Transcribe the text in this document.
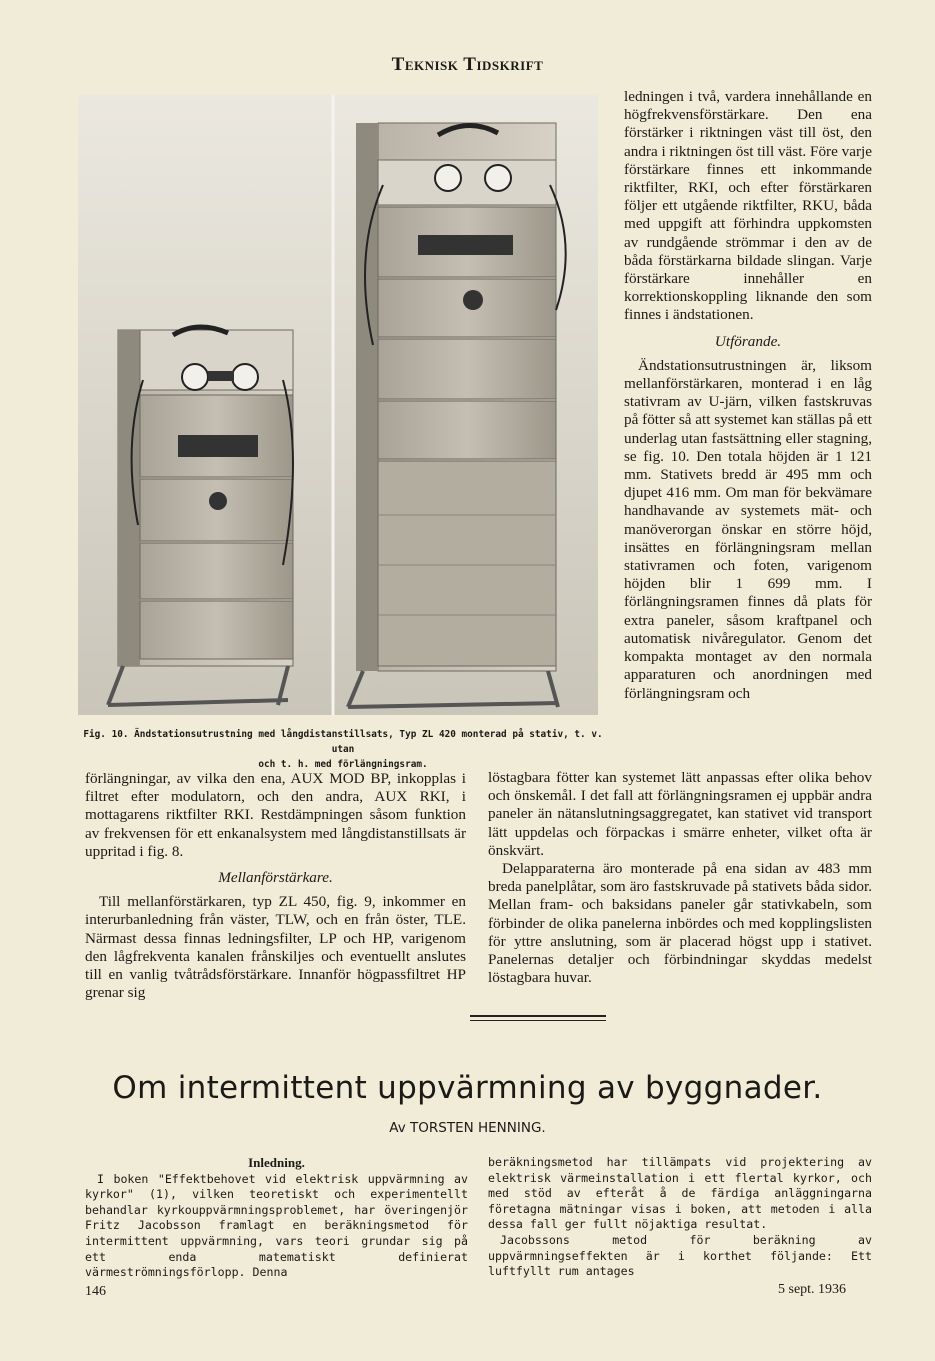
Teknisk Tidskrift
Fig. 10. Ändstationsutrustning med långdistanstillsats, Typ ZL 420 monterad på stativ, t. v. utan
och t. h. med förlängningsram.

ledningen i två, vardera innehållande en högfrekvensförstärkare. Den ena förstärker i riktningen väst till öst, den andra i riktningen öst till väst. Före varje förstärkare finnes ett inkommande riktfilter, RKI, och efter förstärkaren följer ett utgående riktfilter, RKU, båda med uppgift att förhindra uppkomsten av rundgående strömmar i den av de båda förstärkarna bildade slingan. Varje förstärkare innehåller en korrektionskoppling liknande den som finnes i ändstationen.

Utförande.

Ändstationsutrustningen är, liksom mellanförstärkaren, monterad i en låg stativram av U-järn, vilken fastskruvas på fötter så att systemet kan ställas på ett underlag utan fastsättning eller stagning, se fig. 10. Den totala höjden är 1 121 mm. Stativets bredd är 495 mm och djupet 416 mm. Om man för bekvämare handhavande av systemets mät- och manöverorgan önskar en större höjd, insättes en förlängningsram mellan stativramen och foten, varigenom höjden blir 1 699 mm. I förlängningsramen finnes då plats för extra paneler, såsom kraftpanel och automatisk nivåregulator. Genom det kompakta montaget av den normala apparaturen och anordningen med förlängningsram och

förlängningar, av vilka den ena, AUX MOD BP, inkopplas i filtret efter modulatorn, och den andra, AUX RKI, i mottagarens riktfilter RKI. Restdämpningen såsom funktion av frekvensen för ett enkanalsystem med långdistanstillsats är uppritad i fig. 8.

Mellanförstärkare.

Till mellanförstärkaren, typ ZL 450, fig. 9, inkommer en interurbanledning från väster, TLW, och en från öster, TLE. Närmast dessa finnas ledningsfilter, LP och HP, varigenom den lågfrekventa kanalen frånskiljes och eventuellt anslutes till en vanlig tvåtrådsförstärkare. Innanför högpassfiltret HP grenar sig

löstagbara fötter kan systemet lätt anpassas efter olika behov och önskemål. I det fall att förlängningsramen ej uppbär andra paneler än nätanslutningsaggregatet, kan stativet vid transport lätt uppdelas och förpackas i smärre enheter, vilket ofta är önskvärt.

Delapparaterna äro monterade på ena sidan av 483 mm breda panelplåtar, som äro fastskruvade på stativets båda sidor. Mellan fram- och baksidans paneler går stativkabeln, som förbinder de olika panelerna inbördes och med kopplingslisten för yttre anslutning, som är placerad högst upp i stativet. Panelernas detaljer och förbindningar skyddas medelst löstagbara huvar.

Om intermittent uppvärmning av byggnader.
Av TORSTEN HENNING.

Inledning.

I boken "Effektbehovet vid elektrisk uppvärmning av kyrkor" (1), vilken teoretiskt och experimentellt behandlar kyrkouppvärmningsproblemet, har överingenjör Fritz Jacobsson framlagt en beräkningsmetod för intermittent uppvärmning, vars teori grundar sig på ett enda matematiskt definierat värmeströmningsförlopp. Denna

beräkningsmetod har tillämpats vid projektering av elektrisk värmeinstallation i ett flertal kyrkor, och med stöd av efteråt å de färdiga anläggningarna företagna mätningar visas i boken, att metoden i alla dessa fall ger fullt nöjaktiga resultat.

Jacobssons metod för beräkning av uppvärmningseffekten är i korthet följande: Ett luftfyllt rum antages

146	5 sept. 1936
